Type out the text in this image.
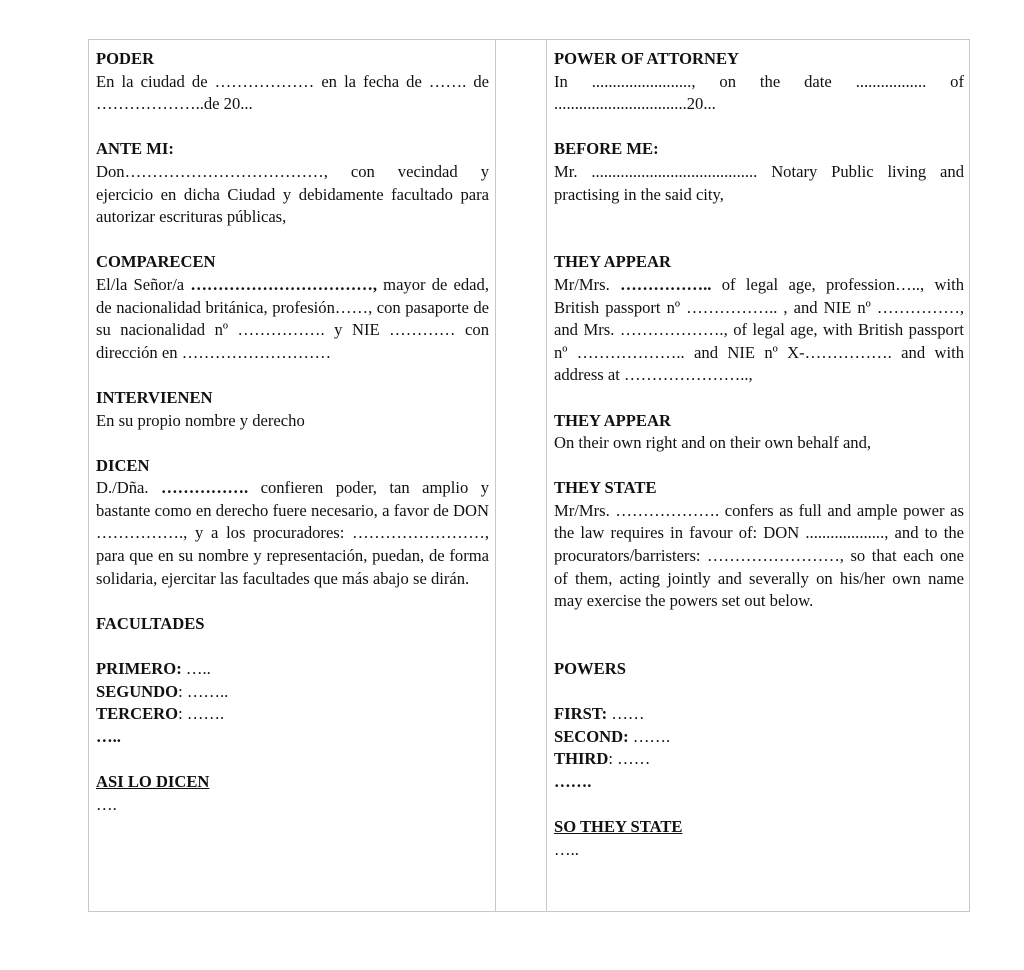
PODER

En la ciudad de ……………… en la fecha de ……. de ………………..de 20...

ANTE MI:

Don………………………………, con vecindad y ejercicio en dicha Ciudad y debidamente facultado para autorizar escrituras públicas,

COMPARECEN

El/la Señor/a ……………………………, mayor de edad, de nacionalidad británica, profesión……, con pasaporte de su nacionalidad nº ……………. y NIE ………… con dirección en ………………………

INTERVIENEN

En su propio nombre y derecho

DICEN

D./Dña. ……………. confieren poder, tan amplio y bastante como en derecho fuere necesario, a favor de DON ……………., y a los procuradores: ……………………, para que en su nombre y representación, puedan, de forma solidaria, ejercitar las facultades que más abajo se dirán.

FACULTADES

PRIMERO: …..

SEGUNDO: ……..

TERCERO: …….

…..

ASI LO DICEN

….

POWER OF ATTORNEY

In ........................, on the date ................. of ................................20...

BEFORE ME:

Mr. ........................................ Notary Public living and practising in the said city,

THEY APPEAR

Mr/Mrs. …………….. of legal age, profession….., with British passport nº …………….. , and NIE nº ……………, and Mrs. ………………., of legal age, with British passport nº ……………….. and NIE nº X-……………. and with address at …………………..,

THEY APPEAR

On their own right and on their own behalf and,

THEY STATE

Mr/Mrs. ………………. confers as full and ample power as the law requires in favour of: DON ..................., and to the procurators/barristers: ……………………, so that each one of them, acting jointly and severally on his/her own name may exercise the powers set out below.

POWERS

FIRST: ……

SECOND: …….

THIRD: ……

…….

SO THEY STATE

…..
